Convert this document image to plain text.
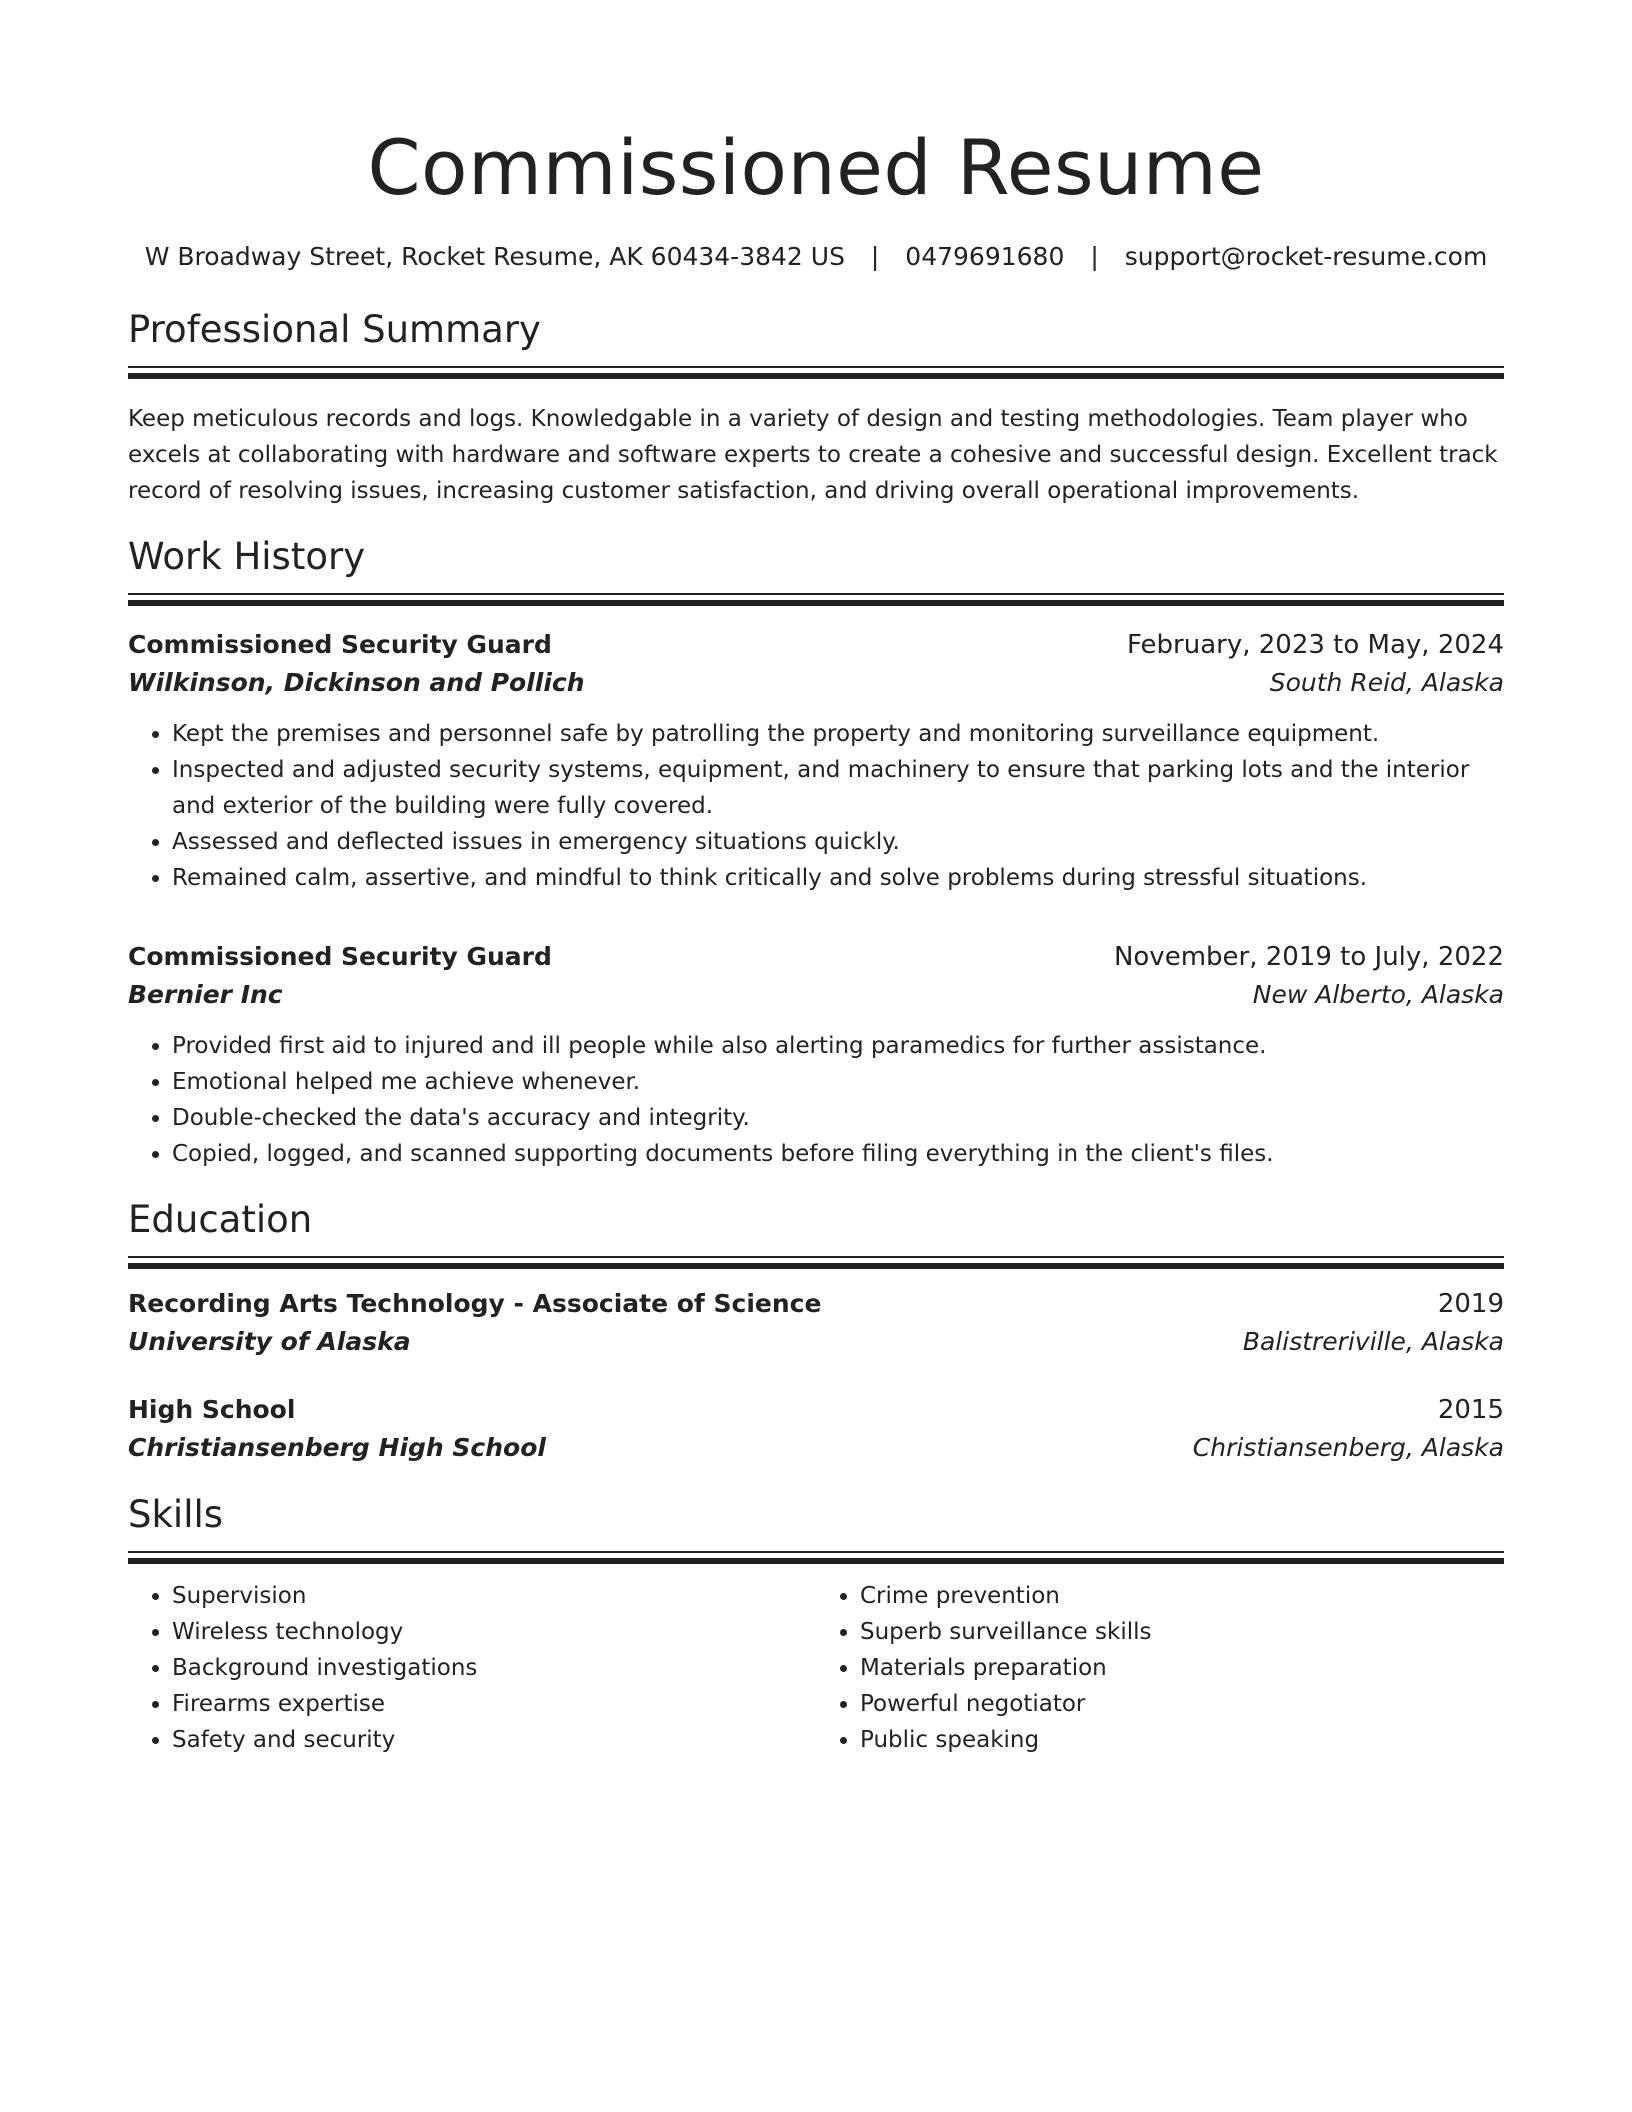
Commissioned Resume
W Broadway Street, Rocket Resume, AK 60434-3842 US | 0479691680 | support@rocket-resume.com
Professional Summary
Keep meticulous records and logs. Knowledgable in a variety of design and testing methodologies. Team player who excels at collaborating with hardware and software experts to create a cohesive and successful design. Excellent track record of resolving issues, increasing customer satisfaction, and driving overall operational improvements.
Work History
Commissioned Security Guard	February, 2023 to May, 2024
Wilkinson, Dickinson and Pollich	South Reid, Alaska
• Kept the premises and personnel safe by patrolling the property and monitoring surveillance equipment.
• Inspected and adjusted security systems, equipment, and machinery to ensure that parking lots and the interior and exterior of the building were fully covered.
• Assessed and deflected issues in emergency situations quickly.
• Remained calm, assertive, and mindful to think critically and solve problems during stressful situations.
Commissioned Security Guard	November, 2019 to July, 2022
Bernier Inc	New Alberto, Alaska
• Provided first aid to injured and ill people while also alerting paramedics for further assistance.
• Emotional helped me achieve whenever.
• Double-checked the data's accuracy and integrity.
• Copied, logged, and scanned supporting documents before filing everything in the client's files.
Education
Recording Arts Technology - Associate of Science	2019
University of Alaska	Balistreriville, Alaska
High School	2015
Christiansenberg High School	Christiansenberg, Alaska
Skills
• Supervision
• Wireless technology
• Background investigations
• Firearms expertise
• Safety and security
• Crime prevention
• Superb surveillance skills
• Materials preparation
• Powerful negotiator
• Public speaking
